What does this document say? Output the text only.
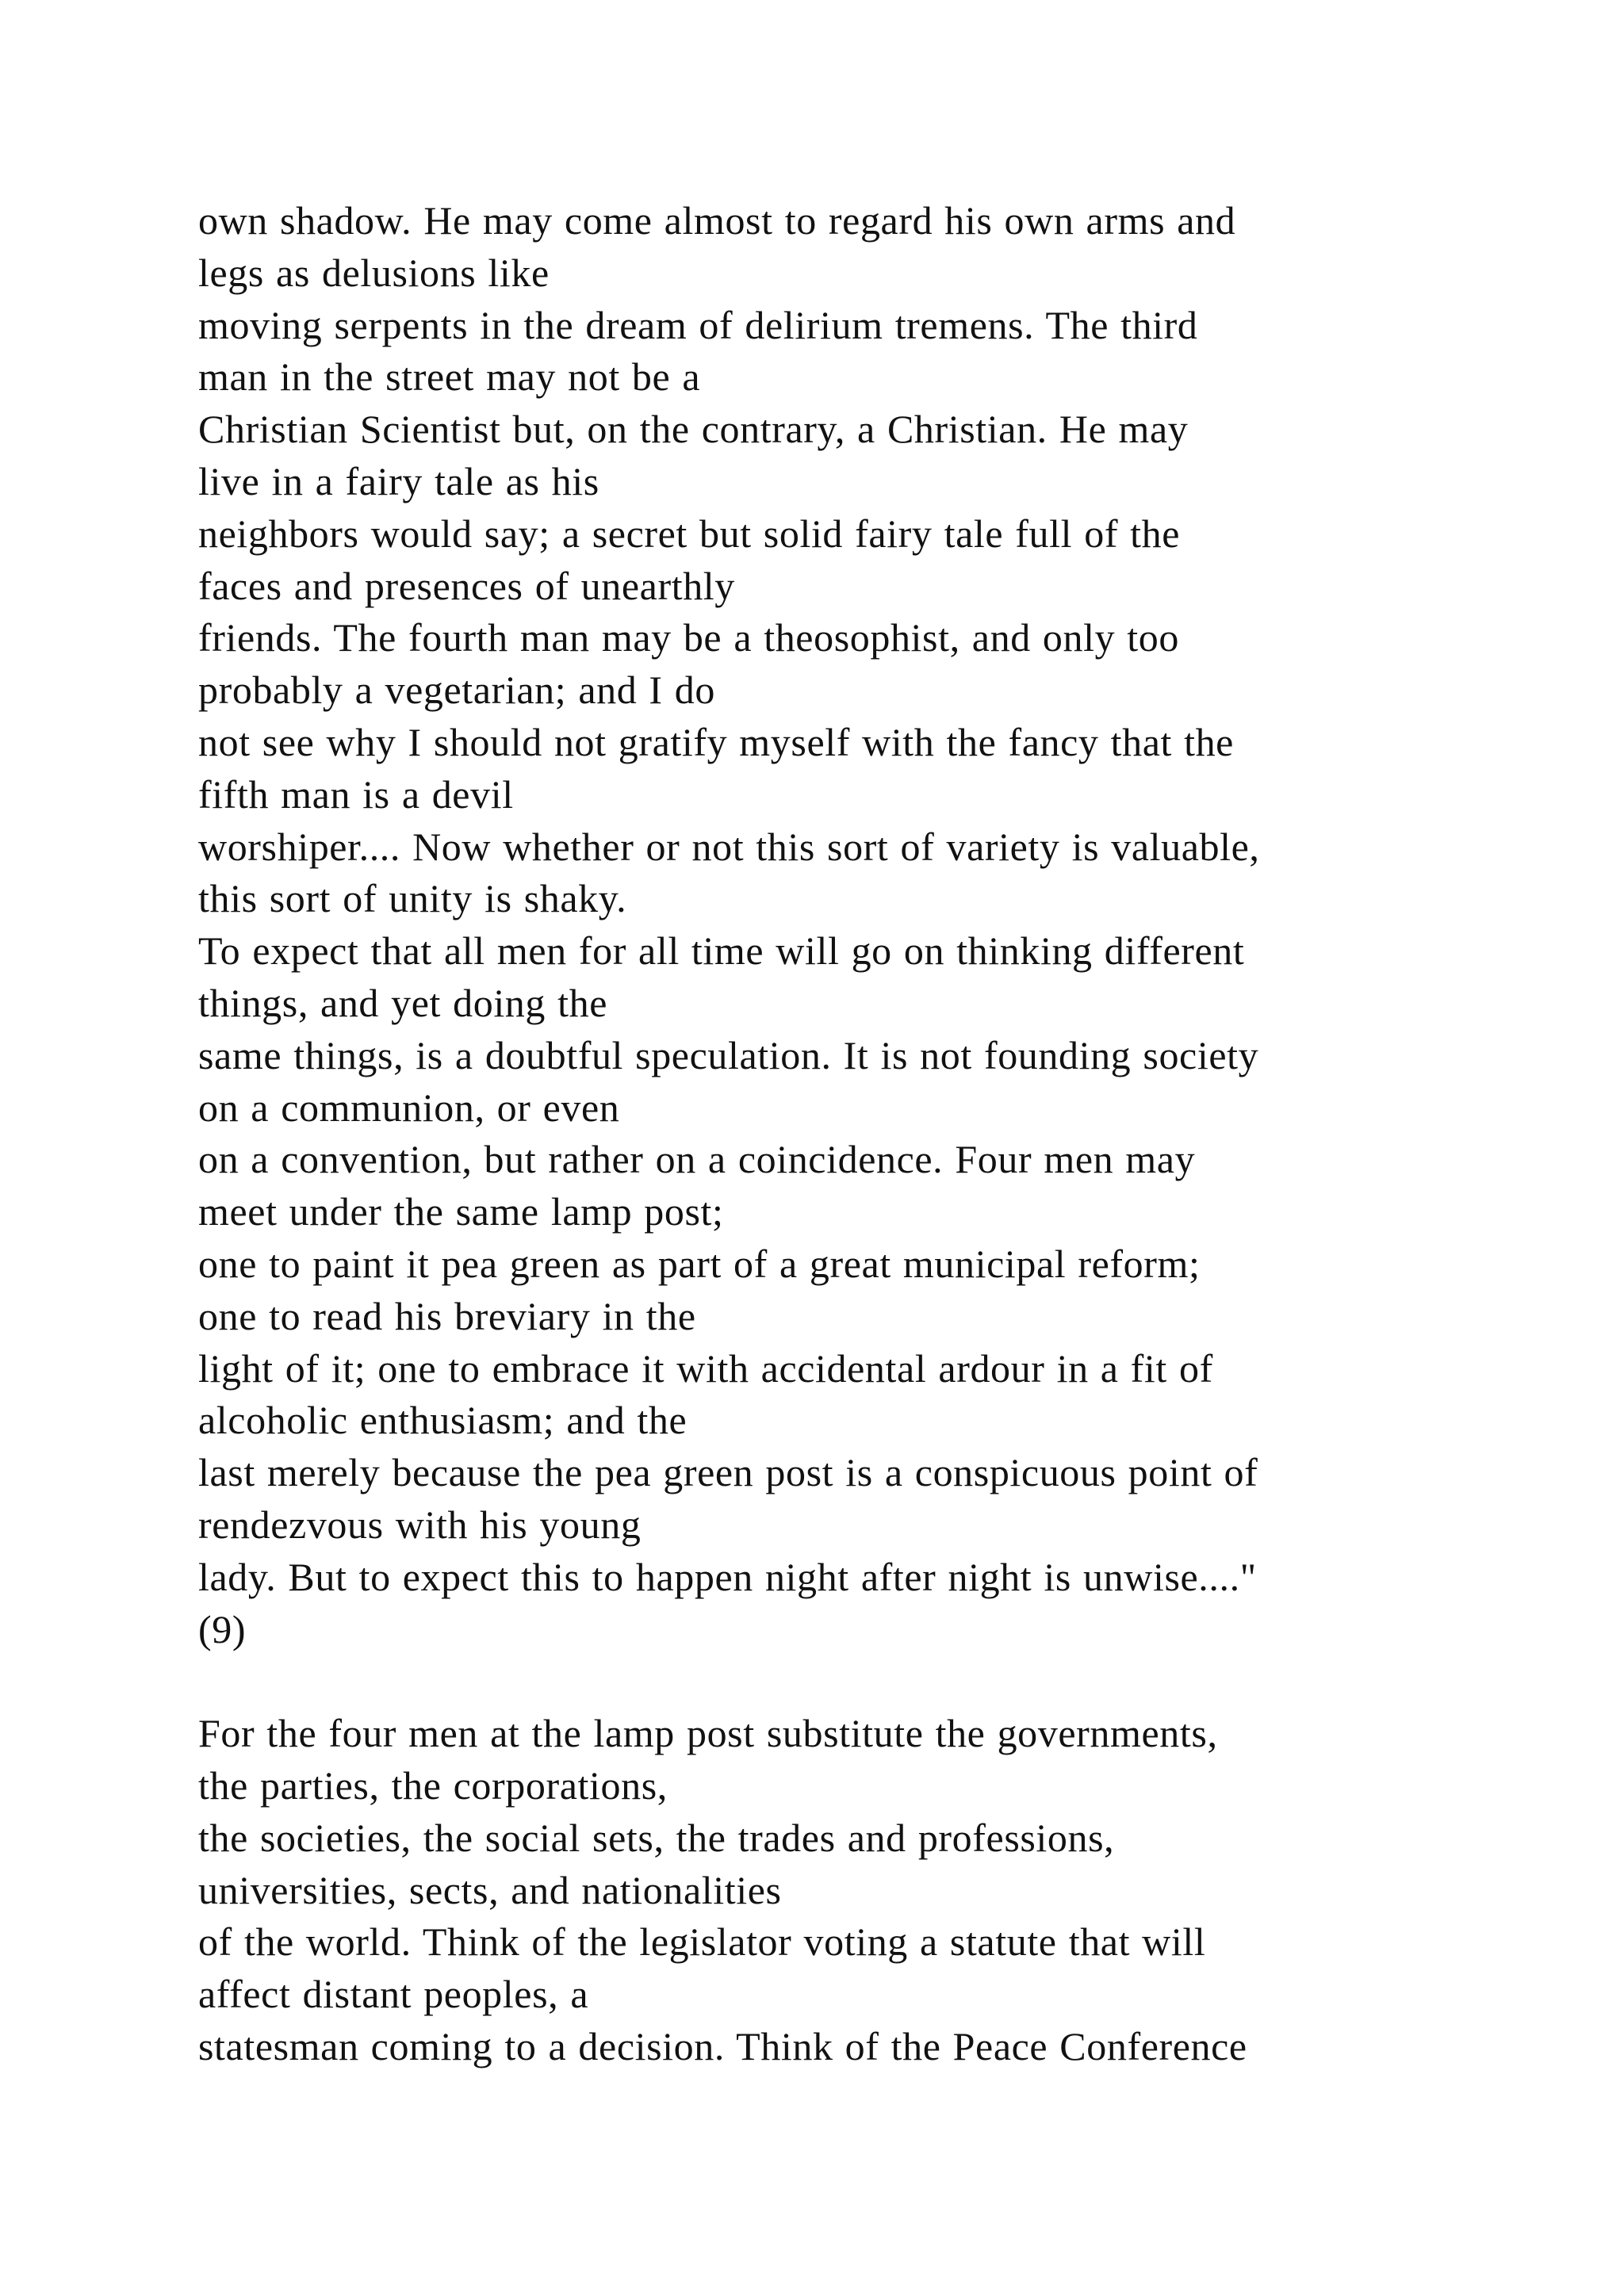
own shadow. He may come almost to regard his own arms and
legs as delusions like
moving serpents in the dream of delirium tremens. The third
man in the street may not be a
Christian Scientist but, on the contrary, a Christian. He may
live in a fairy tale as his
neighbors would say; a secret but solid fairy tale full of the
faces and presences of unearthly
friends. The fourth man may be a theosophist, and only too
probably a vegetarian; and I do
not see why I should not gratify myself with the fancy that the
fifth man is a devil
worshiper.... Now whether or not this sort of variety is valuable,
this sort of unity is shaky.
To expect that all men for all time will go on thinking different
things, and yet doing the
same things, is a doubtful speculation. It is not founding society
on a communion, or even
on a convention, but rather on a coincidence. Four men may
meet under the same lamp post;
one to paint it pea green as part of a great municipal reform;
one to read his breviary in the
light of it; one to embrace it with accidental ardour in a fit of
alcoholic enthusiasm; and the
last merely because the pea green post is a conspicuous point of
rendezvous with his young
lady. But to expect this to happen night after night is unwise...."
(9)
For the four men at the lamp post substitute the governments,
the parties, the corporations,
the societies, the social sets, the trades and professions,
universities, sects, and nationalities
of the world. Think of the legislator voting a statute that will
affect distant peoples, a
statesman coming to a decision. Think of the Peace Conference
